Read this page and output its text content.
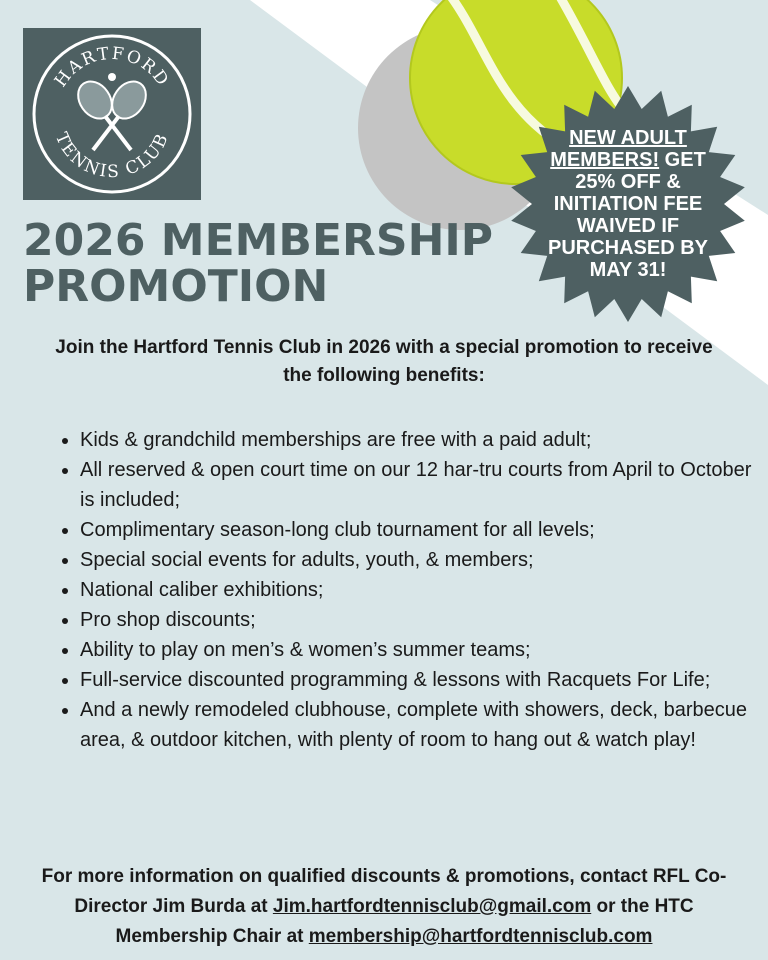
HARTFORD
TENNIS CLUB	NEW ADULT MEMBERS! GET 25% OFF & INITIATION FEE WAIVED IF PURCHASED BY MAY 31!
2026 MEMBERSHIP
PROMOTION
Join the Hartford Tennis Club in 2026 with a special promotion to receive the following benefits:
• Kids & grandchild memberships are free with a paid adult;
• All reserved & open court time on our 12 har-tru courts from April to October is included;
• Complimentary season-long club tournament for all levels;
• Special social events for adults, youth, & members;
• National caliber exhibitions;
• Pro shop discounts;
• Ability to play on men’s & women’s summer teams;
• Full-service discounted programming & lessons with Racquets For Life;
• And a newly remodeled clubhouse, complete with showers, deck, barbecue area, & outdoor kitchen, with plenty of room to hang out & watch play!
For more information on qualified discounts & promotions, contact RFL Co-Director Jim Burda at Jim.hartfordtennisclub@gmail.com or the HTC Membership Chair at membership@hartfordtennisclub.com
